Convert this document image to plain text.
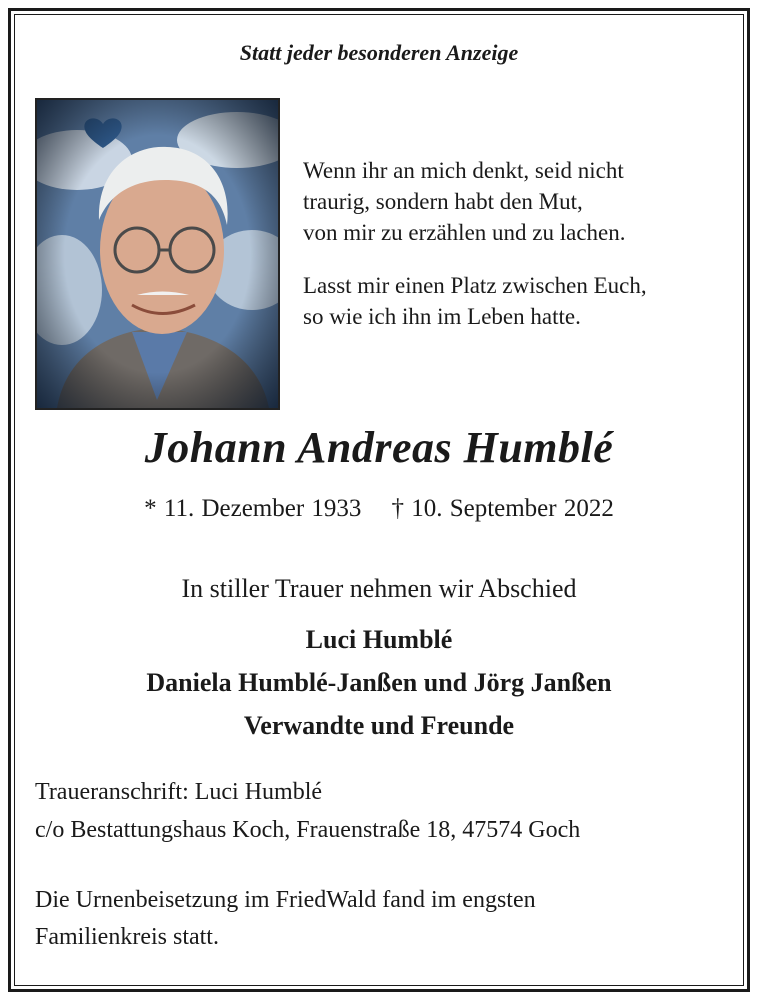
Statt jeder besonderen Anzeige
Wenn ihr an mich denkt, seid nicht
traurig, sondern habt den Mut,
von mir zu erzählen und zu lachen.
Lasst mir einen Platz zwischen Euch,
so wie ich ihn im Leben hatte.
Johann Andreas Humblé
* 11. Dezember 1933 † 10. September 2022
In stiller Trauer nehmen wir Abschied
Luci Humblé
Daniela Humblé-Janßen und Jörg Janßen
Verwandte und Freunde
Traueranschrift: Luci Humblé
c/o Bestattungshaus Koch, Frauenstraße 18, 47574 Goch
Die Urnenbeisetzung im FriedWald fand im engsten
Familienkreis statt.
